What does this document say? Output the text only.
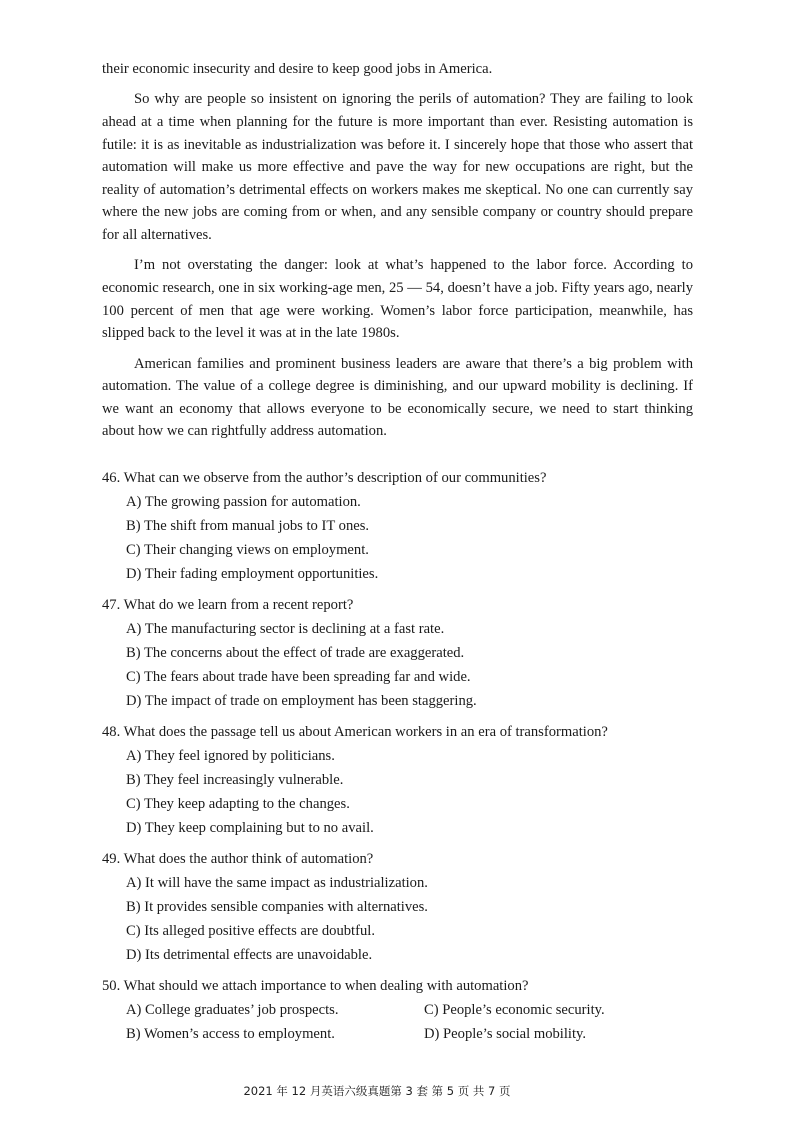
their economic insecurity and desire to keep good jobs in America.

So why are people so insistent on ignoring the perils of automation? They are failing to look ahead at a time when planning for the future is more important than ever. Resisting automation is futile: it is as inevitable as industrialization was before it. I sincerely hope that those who assert that automation will make us more effective and pave the way for new occupations are right, but the reality of automation’s detrimental effects on workers makes me skeptical. No one can currently say where the new jobs are coming from or when, and any sensible company or country should prepare for all alternatives.

I’m not overstating the danger: look at what’s happened to the labor force. According to economic research, one in six working-age men, 25 — 54, doesn’t have a job. Fifty years ago, nearly 100 percent of men that age were working. Women’s labor force participation, meanwhile, has slipped back to the level it was at in the late 1980s.

American families and prominent business leaders are aware that there’s a big problem with automation. The value of a college degree is diminishing, and our upward mobility is declining. If we want an economy that allows everyone to be economically secure, we need to start thinking about how we can rightfully address automation.

46. What can we observe from the author’s description of our communities?
A) The growing passion for automation.
B) The shift from manual jobs to IT ones.
C) Their changing views on employment.
D) Their fading employment opportunities.
47. What do we learn from a recent report?
A) The manufacturing sector is declining at a fast rate.
B) The concerns about the effect of trade are exaggerated.
C) The fears about trade have been spreading far and wide.
D) The impact of trade on employment has been staggering.
48. What does the passage tell us about American workers in an era of transformation?
A) They feel ignored by politicians.
B) They feel increasingly vulnerable.
C) They keep adapting to the changes.
D) They keep complaining but to no avail.
49. What does the author think of automation?
A) It will have the same impact as industrialization.
B) It provides sensible companies with alternatives.
C) Its alleged positive effects are doubtful.
D) Its detrimental effects are unavoidable.
50. What should we attach importance to when dealing with automation?
A) College graduates’ job prospects.	C) People’s economic security.
B) Women’s access to employment.	D) People’s social mobility.
2021 年 12 月英语六级真题第 3 套 第 5 页 共 7 页
